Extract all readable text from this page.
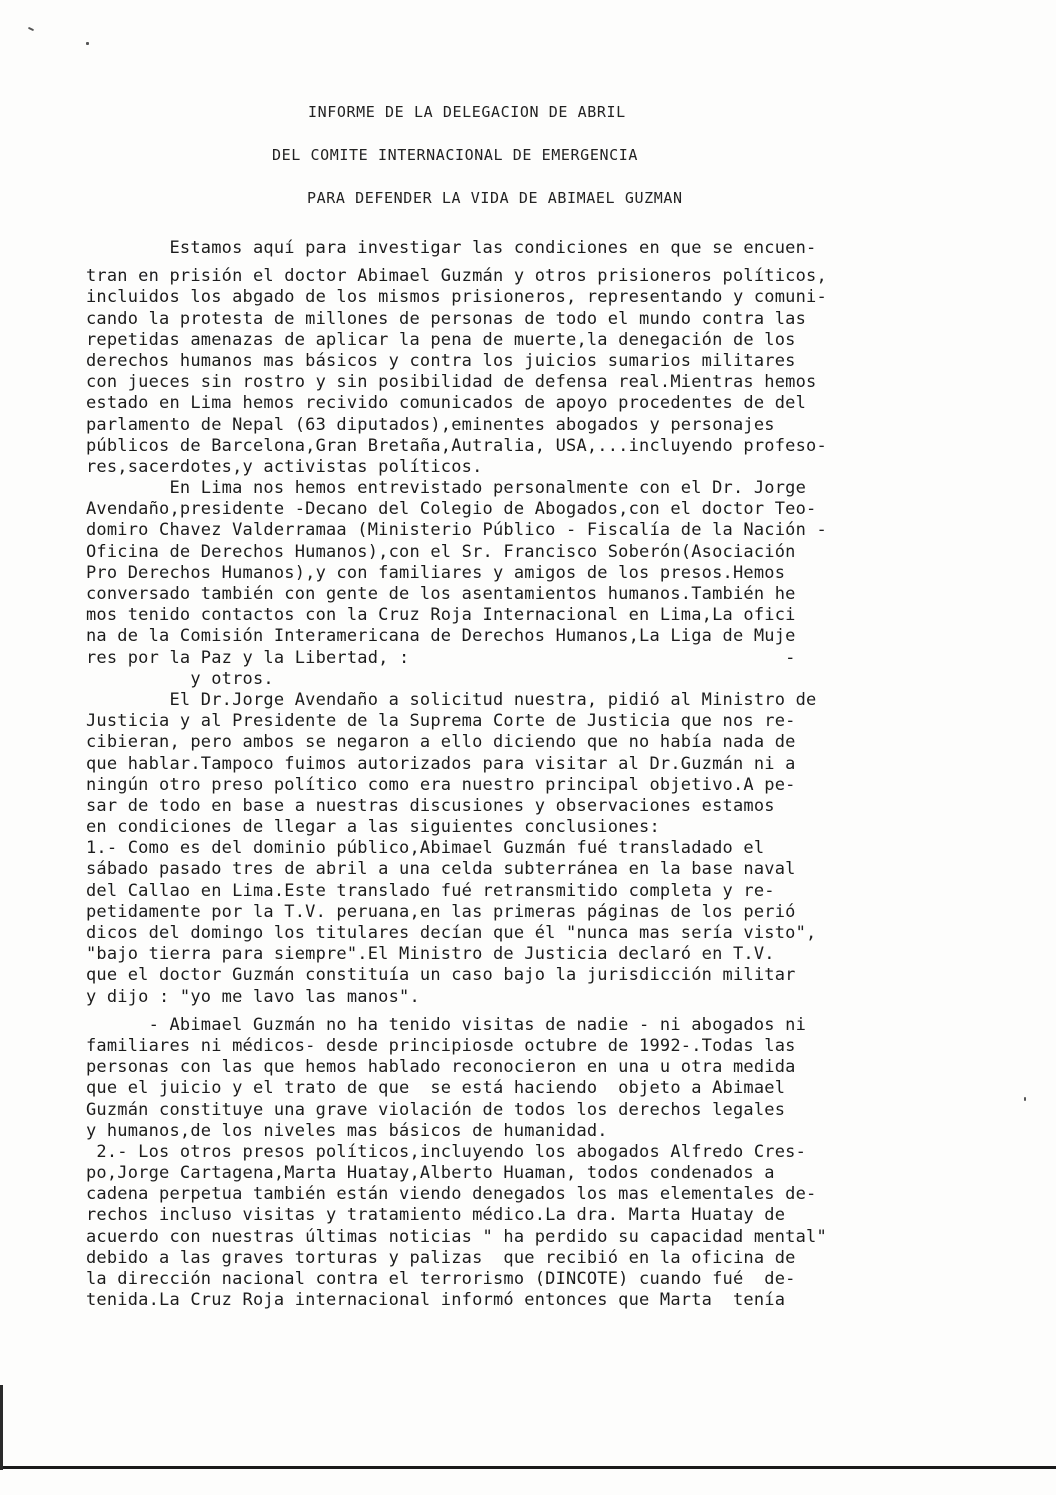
INFORME DE LA DELEGACION DE ABRIL
DEL COMITE INTERNACIONAL DE EMERGENCIA
PARA DEFENDER LA VIDA DE ABIMAEL GUZMAN
Estamos aquí para investigar las condiciones en que se encuen-
tran en prisión el doctor Abimael Guzmán y otros prisioneros políticos,
incluidos los abgado de los mismos prisioneros, representando y comuni-
cando la protesta de millones de personas de todo el mundo contra las
repetidas amenazas de aplicar la pena de muerte,la denegación de los
derechos humanos mas básicos y contra los juicios sumarios militares
con jueces sin rostro y sin posibilidad de defensa real.Mientras hemos
estado en Lima hemos recivido comunicados de apoyo procedentes de del
parlamento de Nepal (63 diputados),eminentes abogados y personajes
públicos de Barcelona,Gran Bretaña,Autralia, USA,...incluyendo profeso-
res,sacerdotes,y activistas políticos.
En Lima nos hemos entrevistado personalmente con el Dr. Jorge
Avendaño,presidente -Decano del Colegio de Abogados,con el doctor Teo-
domiro Chavez Valderramaa (Ministerio Público - Fiscalía de la Nación -
Oficina de Derechos Humanos),con el Sr. Francisco Soberón(Asociación
Pro Derechos Humanos),y con familiares y amigos de los presos.Hemos
conversado también con gente de los asentamientos humanos.También he
mos tenido contactos con la Cruz Roja Internacional en Lima,La ofici
na de la Comisión Interamericana de Derechos Humanos,La Liga de Muje
res por la Paz y la Libertad, :                                    -
y otros.
El Dr.Jorge Avendaño a solicitud nuestra, pidió al Ministro de
Justicia y al Presidente de la Suprema Corte de Justicia que nos re-
cibieran, pero ambos se negaron a ello diciendo que no había nada de
que hablar.Tampoco fuimos autorizados para visitar al Dr.Guzmán ni a
ningún otro preso político como era nuestro principal objetivo.A pe-
sar de todo en base a nuestras discusiones y observaciones estamos
en condiciones de llegar a las siguientes conclusiones:
1.- Como es del dominio público,Abimael Guzmán fué transladado el
sábado pasado tres de abril a una celda subterránea en la base naval
del Callao en Lima.Este translado fué retransmitido completa y re-
petidamente por la T.V. peruana,en las primeras páginas de los perió
dicos del domingo los titulares decían que él "nunca mas sería visto",
"bajo tierra para siempre".El Ministro de Justicia declaró en T.V.
que el doctor Guzmán constituía un caso bajo la jurisdicción militar
y dijo : "yo me lavo las manos".
- Abimael Guzmán no ha tenido visitas de nadie - ni abogados ni
familiares ni médicos- desde principiosde octubre de 1992-.Todas las
personas con las que hemos hablado reconocieron en una u otra medida
que el juicio y el trato de que  se está haciendo  objeto a Abimael
Guzmán constituye una grave violación de todos los derechos legales
y humanos,de los niveles mas básicos de humanidad.
2.- Los otros presos políticos,incluyendo los abogados Alfredo Cres-
po,Jorge Cartagena,Marta Huatay,Alberto Huaman, todos condenados a
cadena perpetua también están viendo denegados los mas elementales de-
rechos incluso visitas y tratamiento médico.La dra. Marta Huatay de
acuerdo con nuestras últimas noticias " ha perdido su capacidad mental"
debido a las graves torturas y palizas  que recibió en la oficina de
la dirección nacional contra el terrorismo (DINCOTE) cuando fué  de-
tenida.La Cruz Roja internacional informó entonces que Marta  tenía
